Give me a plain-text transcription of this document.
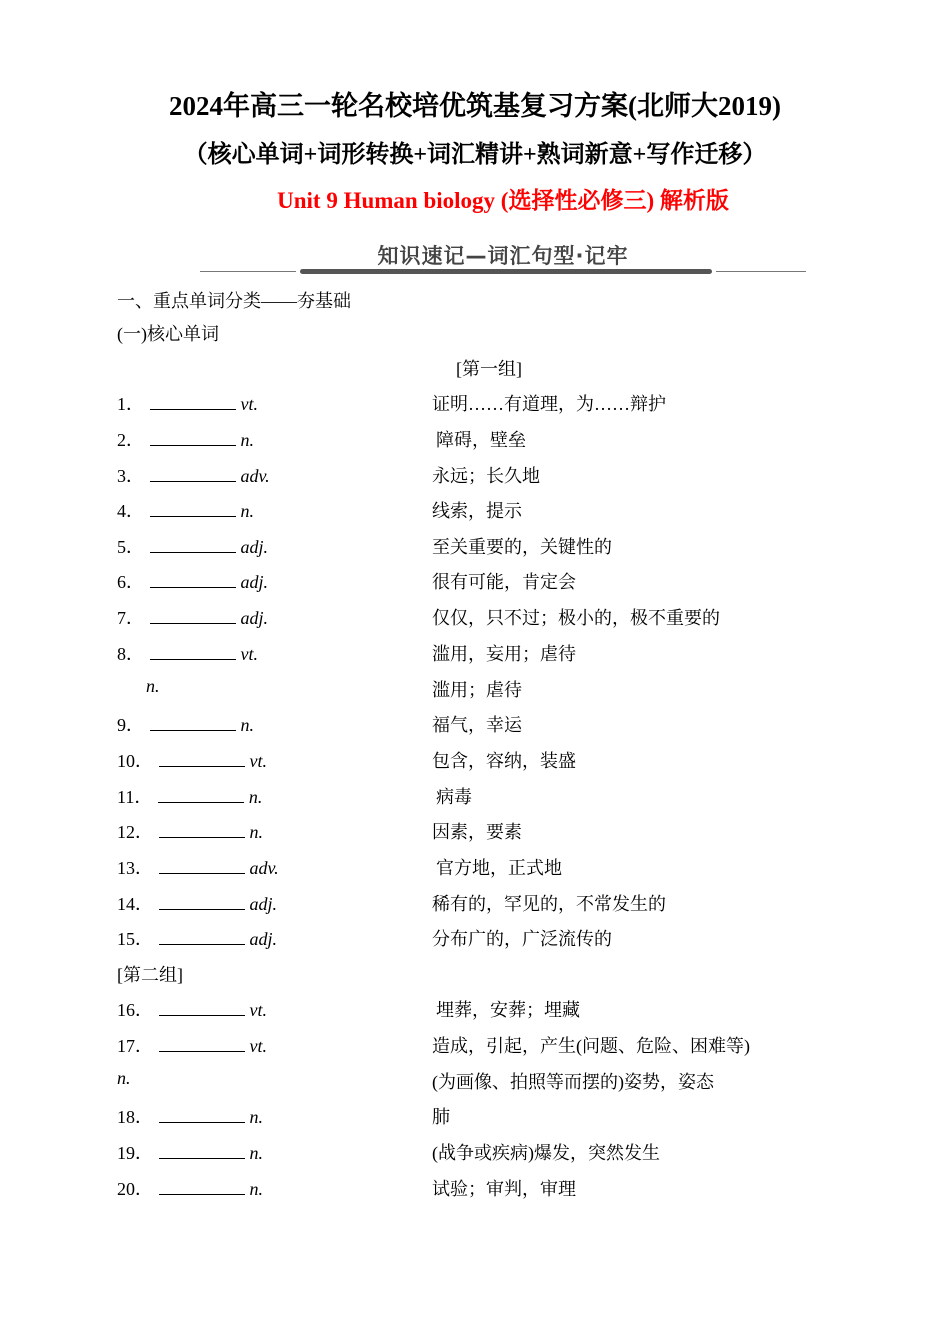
2024年高三一轮名校培优筑基复习方案(北师大2019)
（核心单词+词形转换+词汇精讲+熟词新意+写作迁移）
Unit 9 Human biology (选择性必修三) 解析版
知识速记—词汇句型·记牢
一、重点单词分类——夯基础
(一)核心单词
[第一组]
[第二组]
1．	vt.	证明……有道理，为……辩护
2．	n.	障碍，壁垒
3．	adv.	永远；长久地
4．	n.	线索，提示
5．	adj.	至关重要的，关键性的
6．	adj.	很有可能，肯定会
7．	adj.	仅仅，只不过；极小的，极不重要的
8．	vt.	滥用，妄用；虐待
n.	滥用；虐待
9．	n.	福气，幸运
10．	vt.	包含，容纳，装盛
11．	n.	病毒
12．	n.	因素，要素
13．	adv.	官方地，正式地
14．	adj.	稀有的，罕见的，不常发生的
15．	adj.	分布广的，广泛流传的
16．	vt.	埋葬，安葬；埋藏
17．	vt.	造成，引起，产生(问题、危险、困难等)
n.	(为画像、拍照等而摆的)姿势，姿态
18．	n.	肺
19．	n.	(战争或疾病)爆发，突然发生
20．	n.	试验；审判，审理
